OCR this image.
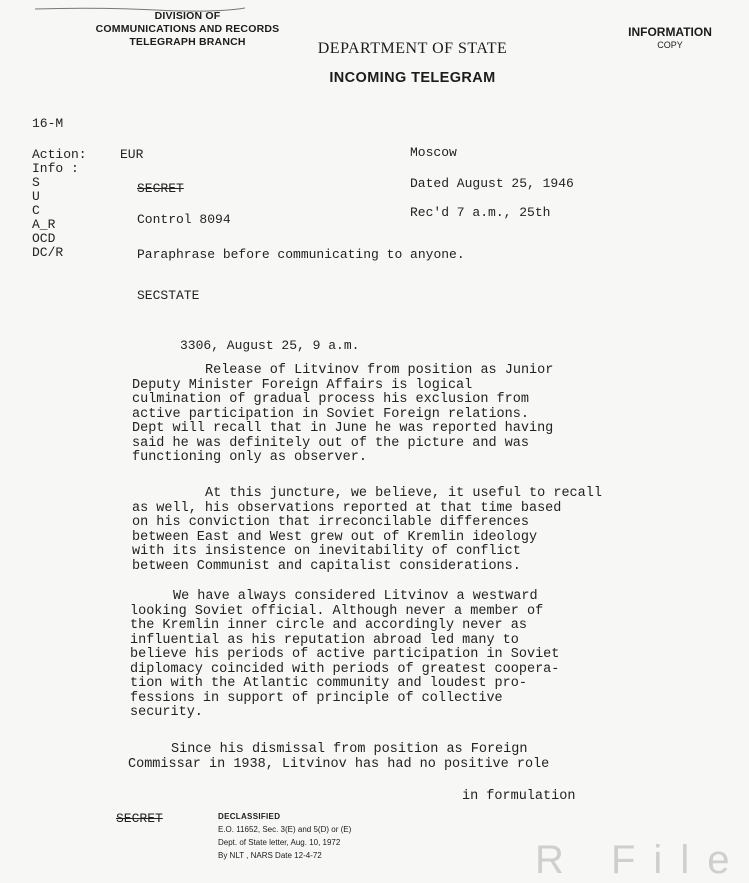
DIVISION OF
COMMUNICATIONS AND RECORDS
TELEGRAPH BRANCH	DEPARTMENT OF STATE
INCOMING TELEGRAM
INFORMATION
COPY
16-M
Action:	EUR
Info :
S
U
C
A_R
OCD
DC/R
SECRET
Control 8094
Moscow
Dated August 25, 1946
Rec'd 7 a.m., 25th
Paraphrase before communicating to anyone.
SECSTATE
3306, August 25, 9 a.m.
Release of Litvinov from position as Junior
Deputy Minister Foreign Affairs is logical
culmination of gradual process his exclusion from
active participation in Soviet Foreign relations.
Dept will recall that in June he was reported having
said he was definitely out of the picture and was
functioning only as observer.
At this juncture, we believe, it useful to recall
as well, his observations reported at that time based
on his conviction that irreconcilable differences
between East and West grew out of Kremlin ideology
with its insistence on inevitability of conflict
between Communist and capitalist considerations.
We have always considered Litvinov a westward
looking Soviet official. Although never a member of
the Kremlin inner circle and accordingly never as
influential as his reputation abroad led many to
believe his periods of active participation in Soviet
diplomacy coincided with periods of greatest coopera-
tion with the Atlantic community and loudest pro-
fessions in support of principle of collective
security.
Since his dismissal from position as Foreign
Commissar in 1938, Litvinov has had no positive role
in formulation
SECRET	DECLASSIFIED
E.O. 11652, Sec. 3(E) and 5(D) or (E)
Dept. of State letter, Aug. 10, 1972
By NLT , NARS Date 12-4-72	R File
